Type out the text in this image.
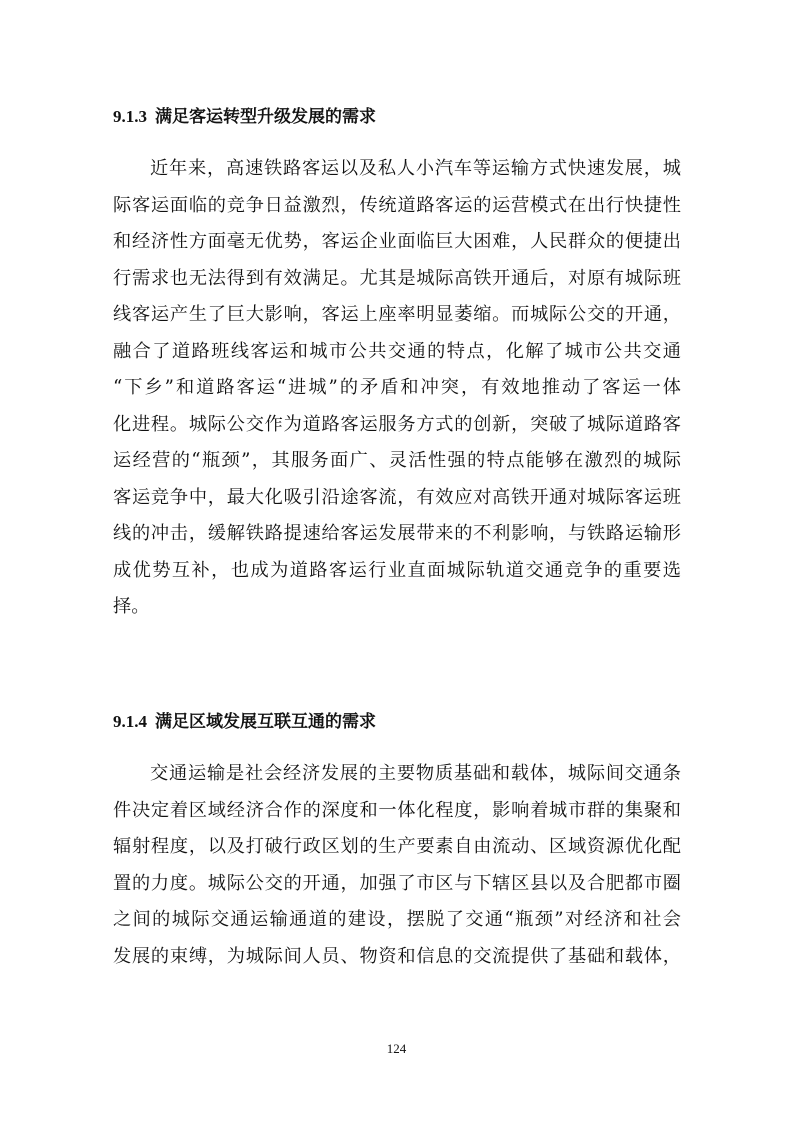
9.1.3 满足客运转型升级发展的需求
近年来，高速铁路客运以及私人小汽车等运输方式快速发展，城
际客运面临的竞争日益激烈，传统道路客运的运营模式在出行快捷性
和经济性方面毫无优势，客运企业面临巨大困难，人民群众的便捷出
行需求也无法得到有效满足。尤其是城际高铁开通后，对原有城际班
线客运产生了巨大影响，客运上座率明显萎缩。而城际公交的开通，
融合了道路班线客运和城市公共交通的特点，化解了城市公共交通
“下乡”和道路客运“进城”的矛盾和冲突，有效地推动了客运一体
化进程。城际公交作为道路客运服务方式的创新，突破了城际道路客
运经营的“瓶颈”，其服务面广、灵活性强的特点能够在激烈的城际
客运竞争中，最大化吸引沿途客流，有效应对高铁开通对城际客运班
线的冲击，缓解铁路提速给客运发展带来的不利影响，与铁路运输形
成优势互补，也成为道路客运行业直面城际轨道交通竞争的重要选
择。
9.1.4 满足区域发展互联互通的需求
交通运输是社会经济发展的主要物质基础和载体，城际间交通条
件决定着区域经济合作的深度和一体化程度，影响着城市群的集聚和
辐射程度，以及打破行政区划的生产要素自由流动、区域资源优化配
置的力度。城际公交的开通，加强了市区与下辖区县以及合肥都市圈
之间的城际交通运输通道的建设，摆脱了交通“瓶颈”对经济和社会
发展的束缚，为城际间人员、物资和信息的交流提供了基础和载体，
124
